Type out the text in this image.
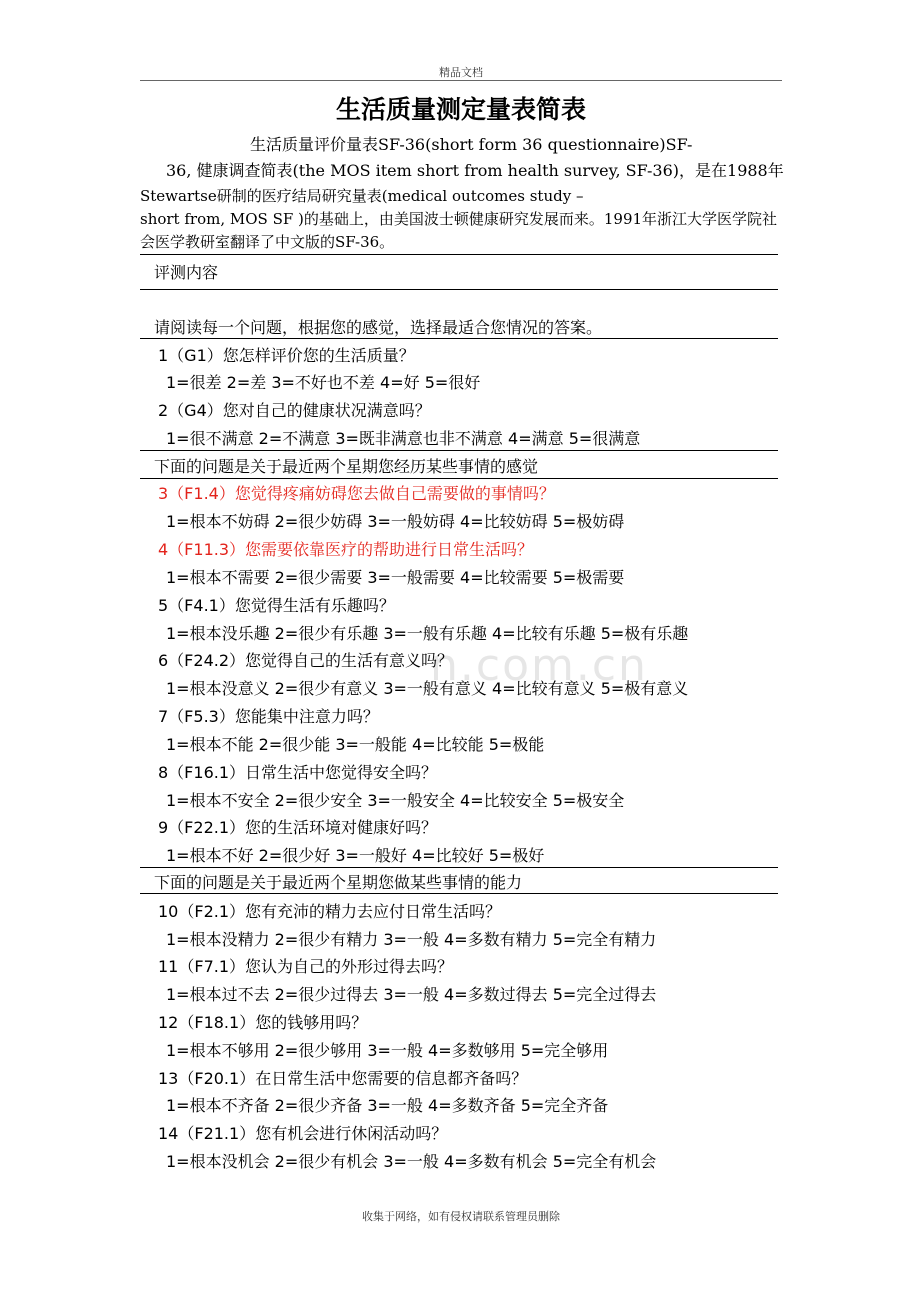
精品文档
n.com.cn
生活质量测定量表简表
生活质量评价量表SF-36(short form 36 questionnaire)SF-
36, 健康调查简表(the MOS item short from health survey, SF-36)，是在1988年
Stewartse研制的医疗结局研究量表(medical outcomes study –
short from, MOS SF )的基础上，由美国波士顿健康研究发展而来。1991年浙江大学医学院社
会医学教研室翻译了中文版的SF-36。
评测内容
请阅读每一个问题，根据您的感觉，选择最适合您情况的答案。
1（G1）您怎样评价您的生活质量？
1=很差 2=差 3=不好也不差 4=好 5=很好
2（G4）您对自己的健康状况满意吗？
1=很不满意 2=不满意 3=既非满意也非不满意 4=满意 5=很满意
下面的问题是关于最近两个星期您经历某些事情的感觉
3（F1.4）您觉得疼痛妨碍您去做自己需要做的事情吗？
1=根本不妨碍 2=很少妨碍 3=一般妨碍 4=比较妨碍 5=极妨碍
4（F11.3）您需要依靠医疗的帮助进行日常生活吗？
1=根本不需要 2=很少需要 3=一般需要 4=比较需要 5=极需要
5（F4.1）您觉得生活有乐趣吗？
1=根本没乐趣 2=很少有乐趣 3=一般有乐趣 4=比较有乐趣 5=极有乐趣
6（F24.2）您觉得自己的生活有意义吗？
1=根本没意义 2=很少有意义 3=一般有意义 4=比较有意义 5=极有意义
7（F5.3）您能集中注意力吗？
1=根本不能 2=很少能 3=一般能 4=比较能 5=极能
8（F16.1）日常生活中您觉得安全吗？
1=根本不安全 2=很少安全 3=一般安全 4=比较安全 5=极安全
9（F22.1）您的生活环境对健康好吗？
1=根本不好 2=很少好 3=一般好 4=比较好 5=极好
下面的问题是关于最近两个星期您做某些事情的能力
10（F2.1）您有充沛的精力去应付日常生活吗？
1=根本没精力 2=很少有精力 3=一般 4=多数有精力 5=完全有精力
11（F7.1）您认为自己的外形过得去吗？
1=根本过不去 2=很少过得去 3=一般 4=多数过得去 5=完全过得去
12（F18.1）您的钱够用吗？
1=根本不够用 2=很少够用 3=一般 4=多数够用 5=完全够用
13（F20.1）在日常生活中您需要的信息都齐备吗？
1=根本不齐备 2=很少齐备 3=一般 4=多数齐备 5=完全齐备
14（F21.1）您有机会进行休闲活动吗？
1=根本没机会 2=很少有机会 3=一般 4=多数有机会 5=完全有机会
收集于网络，如有侵权请联系管理员删除
